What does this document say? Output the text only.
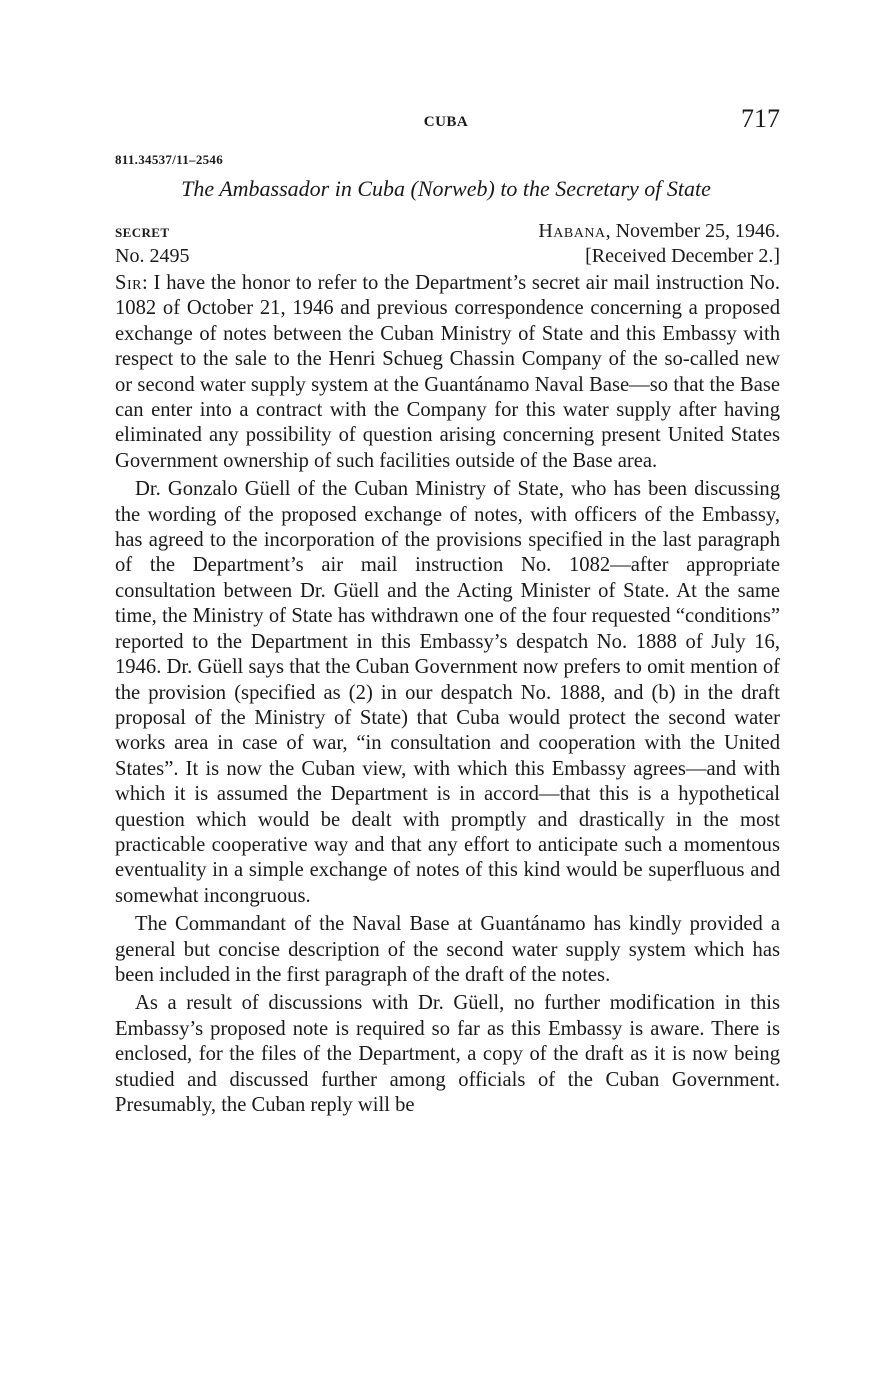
CUBA	717
811.34537/11–2546
The Ambassador in Cuba (Norweb) to the Secretary of State
SECRET	Habana, November 25, 1946.
No. 2495	[Received December 2.]

Sir: I have the honor to refer to the Department’s secret air mail instruction No. 1082 of October 21, 1946 and previous correspondence concerning a proposed exchange of notes between the Cuban Ministry of State and this Embassy with respect to the sale to the Henri Schueg Chassin Company of the so-called new or second water supply system at the Guantánamo Naval Base—so that the Base can enter into a contract with the Company for this water supply after having eliminated any possibility of question arising concerning present United States Government ownership of such facilities outside of the Base area.

Dr. Gonzalo Güell of the Cuban Ministry of State, who has been discussing the wording of the proposed exchange of notes, with officers of the Embassy, has agreed to the incorporation of the provisions specified in the last paragraph of the Department’s air mail instruction No. 1082—after appropriate consultation between Dr. Güell and the Acting Minister of State. At the same time, the Ministry of State has withdrawn one of the four requested “conditions” reported to the Department in this Embassy’s despatch No. 1888 of July 16, 1946. Dr. Güell says that the Cuban Government now prefers to omit mention of the provision (specified as (2) in our despatch No. 1888, and (b) in the draft proposal of the Ministry of State) that Cuba would protect the second water works area in case of war, “in consultation and cooperation with the United States”. It is now the Cuban view, with which this Embassy agrees—and with which it is assumed the Department is in accord—that this is a hypothetical question which would be dealt with promptly and drastically in the most practicable cooperative way and that any effort to anticipate such a momentous eventuality in a simple exchange of notes of this kind would be superfluous and somewhat incongruous.

The Commandant of the Naval Base at Guantánamo has kindly provided a general but concise description of the second water supply system which has been included in the first paragraph of the draft of the notes.

As a result of discussions with Dr. Güell, no further modification in this Embassy’s proposed note is required so far as this Embassy is aware. There is enclosed, for the files of the Department, a copy of the draft as it is now being studied and discussed further among officials of the Cuban Government. Presumably, the Cuban reply will be
